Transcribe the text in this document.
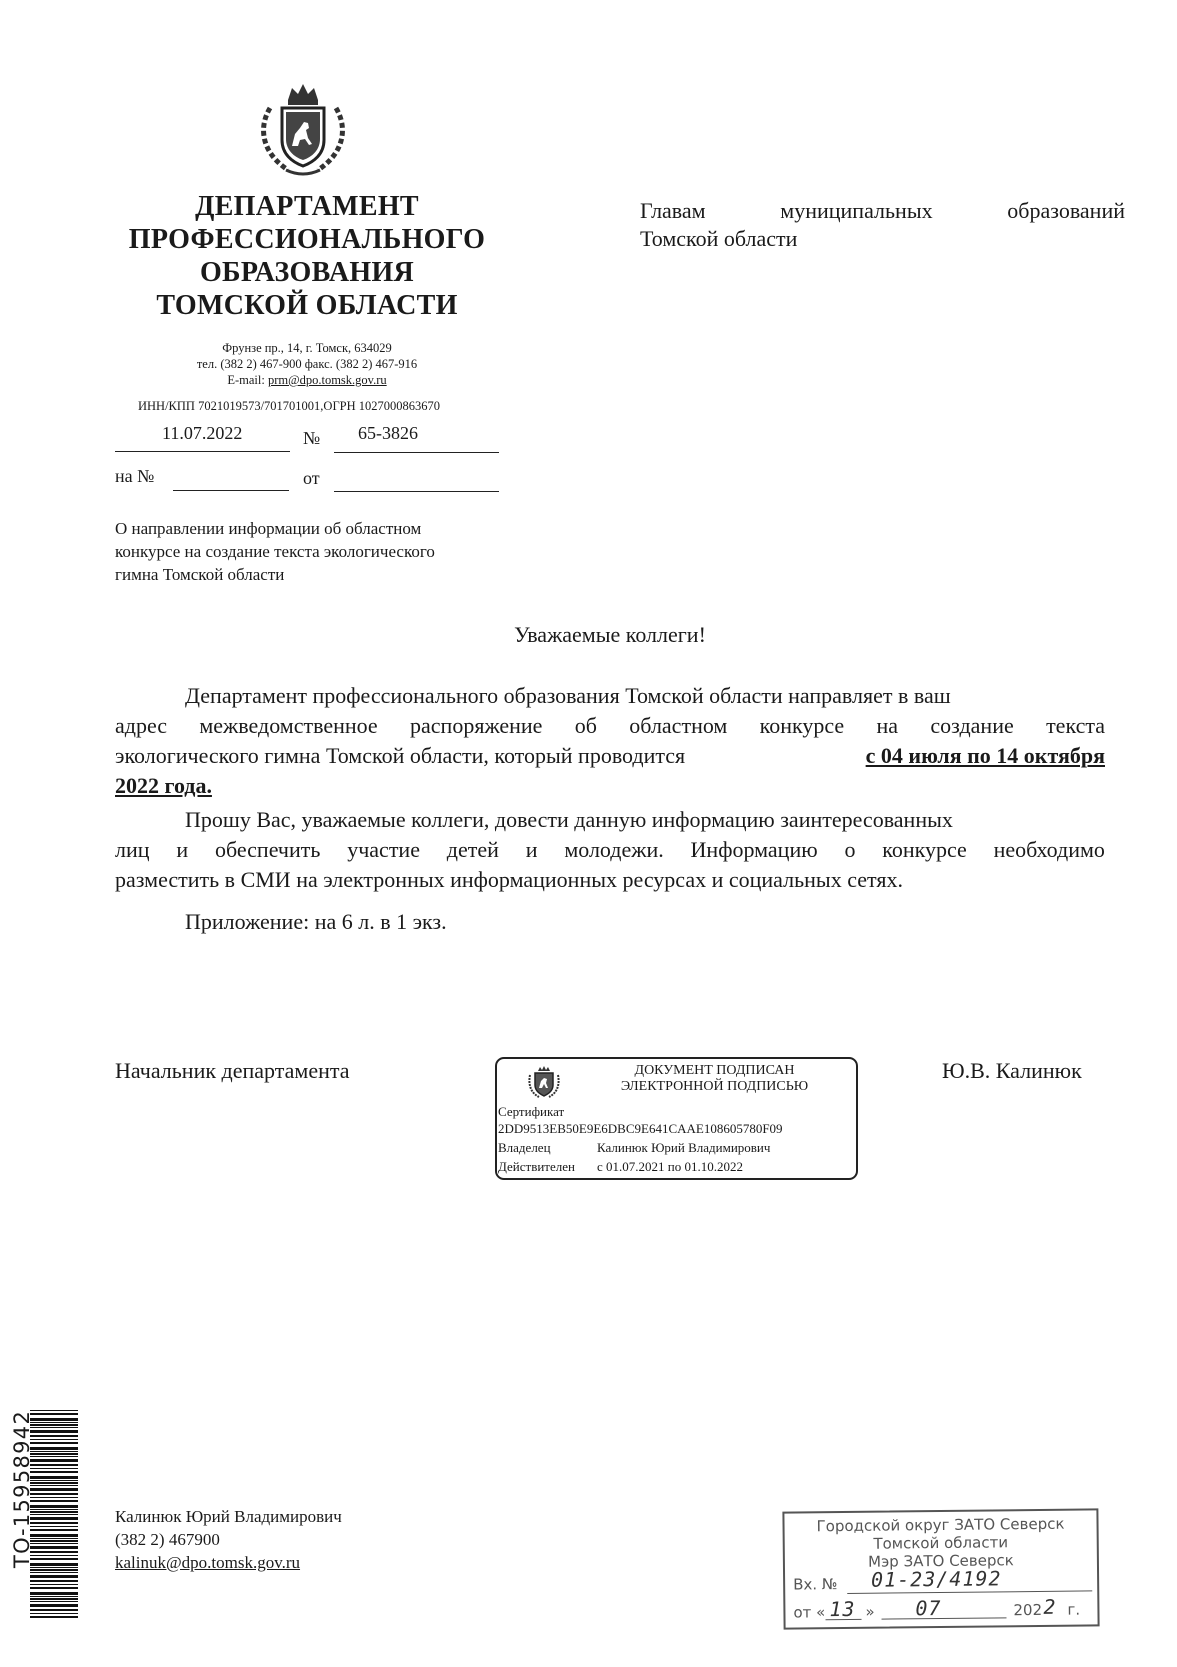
ДЕПАРТАМЕНТ
ПРОФЕССИОНАЛЬНОГО
ОБРАЗОВАНИЯ
ТОМСКОЙ ОБЛАСТИ
Фрунзе пр., 14, г. Томск, 634029
тел. (382 2) 467-900 факс. (382 2) 467-916
E-mail: prm@dpo.tomsk.gov.ru
ИНН/КПП 7021019573/701701001,ОГРН 1027000863670
11.07.2022	№ 65-3826
на №	от
Главам	муниципальных	образований
Томской области
О направлении информации об областном
конкурсе на создание текста экологического
гимна Томской области
Уважаемые коллеги!
Департамент профессионального образования Томской области направляет в ваш
адрес межведомственное распоряжение об областном конкурсе на создание текста
экологического гимна Томской области, который проводится	с 04 июля по 14 октября
2022 года.
Прошу Вас, уважаемые коллеги, довести данную информацию заинтересованных
лиц и обеспечить участие детей и молодежи. Информацию о конкурсе необходимо
разместить в СМИ на электронных информационных ресурсах и социальных сетях.
Приложение: на 6 л. в 1 экз.
Начальник департамента	Ю.В. Калинюк
ДОКУМЕНТ ПОДПИСАН
ЭЛЕКТРОННОЙ ПОДПИСЬЮ
Сертификат
2DD9513EB50E9E6DBC9E641CAAE108605780F09
Владелец	Калинюк Юрий Владимирович
Действителен с 01.07.2021 по 01.10.2022
Калинюк Юрий Владимирович
(382 2) 467900
kalinuk@dpo.tomsk.gov.ru
ТО-15958942	Городской округ ЗАТО Северск
Томской области
Мэр ЗАТО Северск
Вх. № 01-23/4192
от « 13 » 07	202 2 г.
